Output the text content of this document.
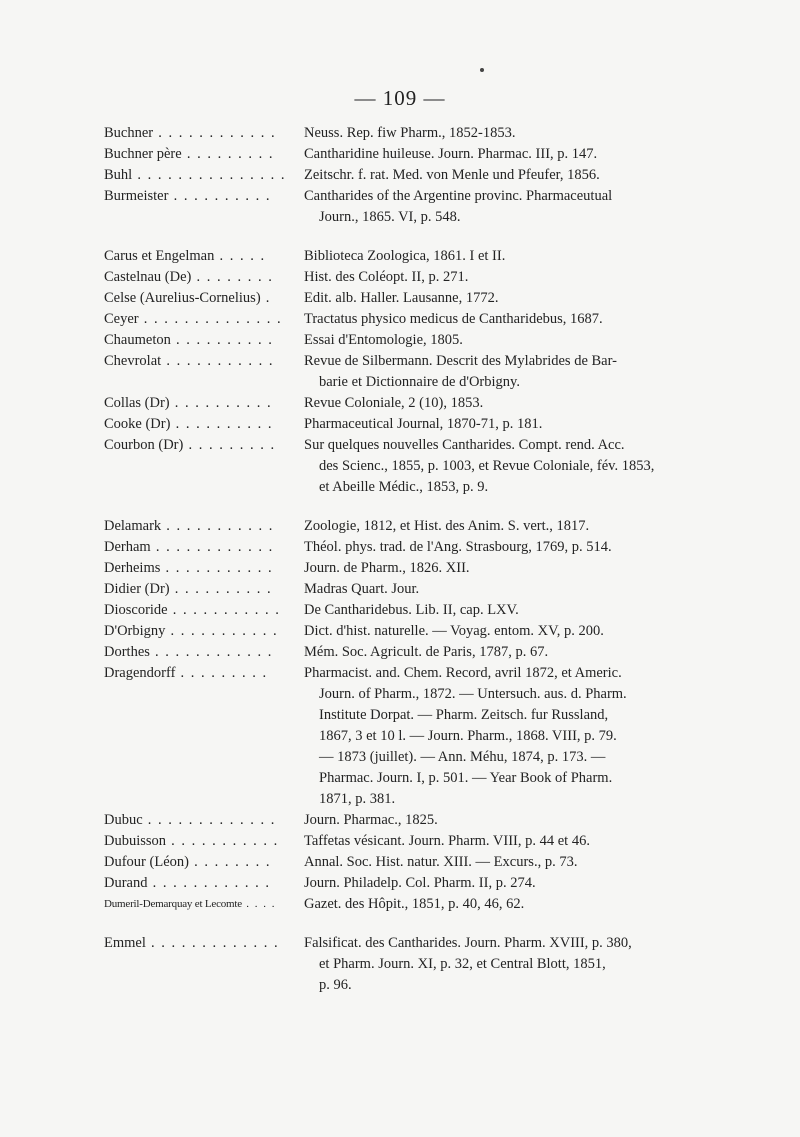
— 109 —
Buchner . . . . . . . . . . . .	Neuss. Rep. fiw Pharm., 1852-1853.
Buchner père . . . . . . . . .	Cantharidine huileuse. Journ. Pharmac. III, p. 147.
Buhl . . . . . . . . . . . . . . .	Zeitschr. f. rat. Med. von Menle und Pfeufer, 1856.
Burmeister . . . . . . . . . .	Cantharides of the Argentine provinc. Pharmaceutual
Journ., 1865. VI, p. 548.
Carus et Engelman . . . . .	Biblioteca Zoologica, 1861. I et II.
Castelnau (De) . . . . . . . .	Hist. des Coléopt. II, p. 271.
Celse (Aurelius-Cornelius) .	Edit. alb. Haller. Lausanne, 1772.
Ceyer . . . . . . . . . . . . . .	Tractatus physico medicus de Cantharidebus, 1687.
Chaumeton . . . . . . . . . .	Essai d'Entomologie, 1805.
Chevrolat . . . . . . . . . . .	Revue de Silbermann. Descrit des Mylabrides de Bar-
barie et Dictionnaire de d'Orbigny.
Collas (Dr) . . . . . . . . . .	Revue Coloniale, 2 (10), 1853.
Cooke (Dr) . . . . . . . . . .	Pharmaceutical Journal, 1870-71, p. 181.
Courbon (Dr) . . . . . . . . .	Sur quelques nouvelles Cantharides. Compt. rend. Acc.
des Scienc., 1855, p. 1003, et Revue Coloniale, fév. 1853,
et Abeille Médic., 1853, p. 9.
Delamark . . . . . . . . . . .	Zoologie, 1812, et Hist. des Anim. S. vert., 1817.
Derham . . . . . . . . . . . .	Théol. phys. trad. de l'Ang. Strasbourg, 1769, p. 514.
Derheims . . . . . . . . . . .	Journ. de Pharm., 1826. XII.
Didier (Dr) . . . . . . . . . .	Madras Quart. Jour.
Dioscoride . . . . . . . . . . .	De Cantharidebus. Lib. II, cap. LXV.
D'Orbigny . . . . . . . . . . .	Dict. d'hist. naturelle. — Voyag. entom. XV, p. 200.
Dorthes . . . . . . . . . . . .	Mém. Soc. Agricult. de Paris, 1787, p. 67.
Dragendorff . . . . . . . . .	Pharmacist. and. Chem. Record, avril 1872, et Americ.
Journ. of Pharm., 1872. — Untersuch. aus. d. Pharm.
Institute Dorpat. — Pharm. Zeitsch. fur Russland,
1867, 3 et 10 l. — Journ. Pharm., 1868. VIII, p. 79.
— 1873 (juillet). — Ann. Méhu, 1874, p. 173. —
Pharmac. Journ. I, p. 501. — Year Book of Pharm.
1871, p. 381.
Dubuc . . . . . . . . . . . . .	Journ. Pharmac., 1825.
Dubuisson . . . . . . . . . . .	Taffetas vésicant. Journ. Pharm. VIII, p. 44 et 46.
Dufour (Léon) . . . . . . . .	Annal. Soc. Hist. natur. XIII. — Excurs., p. 73.
Durand . . . . . . . . . . . .	Journ. Philadelp. Col. Pharm. II, p. 274.
Dumeril-Demarquay et Lecomte . . . .	Gazet. des Hôpit., 1851, p. 40, 46, 62.
Emmel . . . . . . . . . . . . .	Falsificat. des Cantharides. Journ. Pharm. XVIII, p. 380,
et Pharm. Journ. XI, p. 32, et Central Blott, 1851,
p. 96.
